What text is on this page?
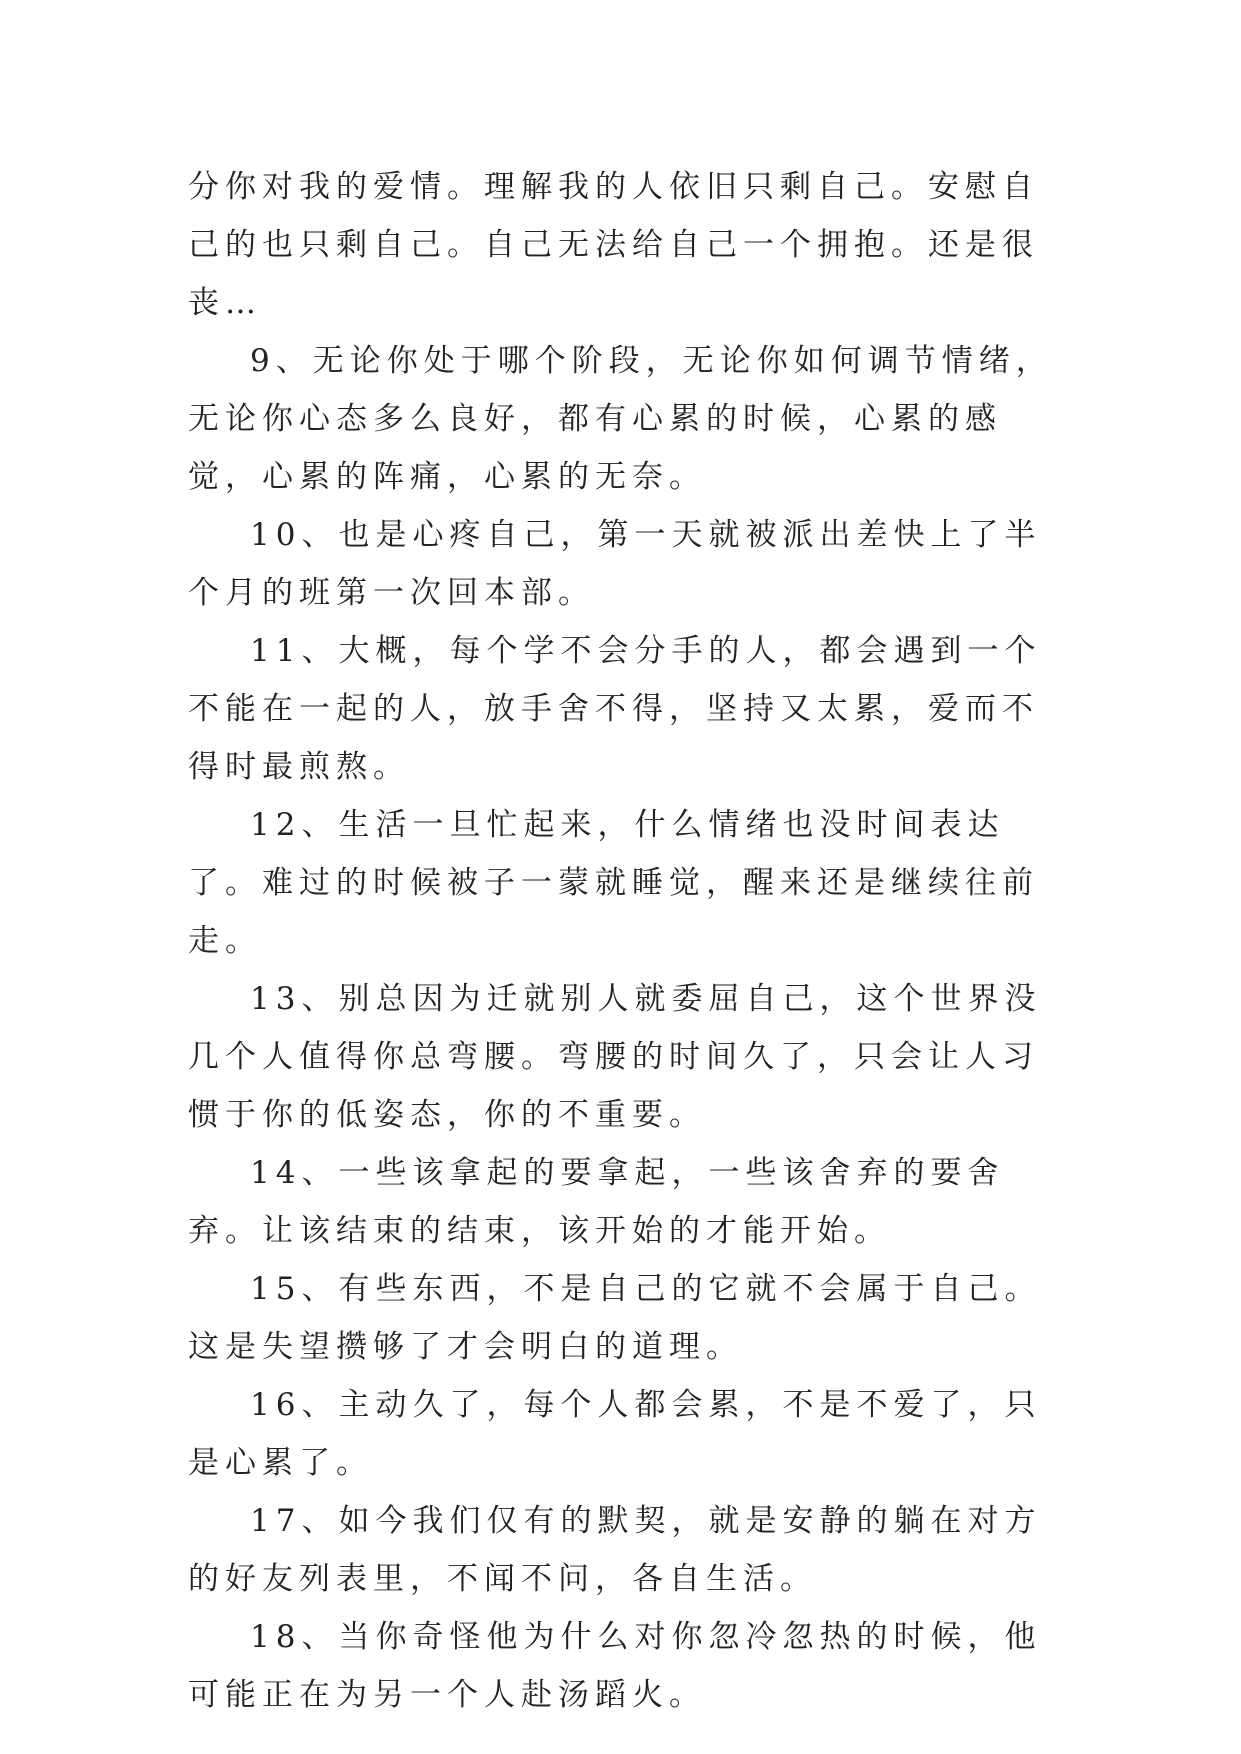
分你对我的爱情。理解我的人依旧只剩自己。安慰自己的也只剩自己。自己无法给自己一个拥抱。还是很丧…

9、无论你处于哪个阶段，无论你如何调节情绪，无论你心态多么良好，都有心累的时候，心累的感觉，心累的阵痛，心累的无奈。

10、也是心疼自己，第一天就被派出差快上了半个月的班第一次回本部。

11、大概，每个学不会分手的人，都会遇到一个不能在一起的人，放手舍不得，坚持又太累，爱而不得时最煎熬。

12、生活一旦忙起来，什么情绪也没时间表达了。难过的时候被子一蒙就睡觉，醒来还是继续往前走。

13、别总因为迁就别人就委屈自己，这个世界没几个人值得你总弯腰。弯腰的时间久了，只会让人习惯于你的低姿态，你的不重要。

14、一些该拿起的要拿起，一些该舍弃的要舍弃。让该结束的结束，该开始的才能开始。

15、有些东西，不是自己的它就不会属于自己。这是失望攒够了才会明白的道理。

16、主动久了，每个人都会累，不是不爱了，只是心累了。

17、如今我们仅有的默契，就是安静的躺在对方的好友列表里，不闻不问，各自生活。

18、当你奇怪他为什么对你忽冷忽热的时候，他可能正在为另一个人赴汤蹈火。
